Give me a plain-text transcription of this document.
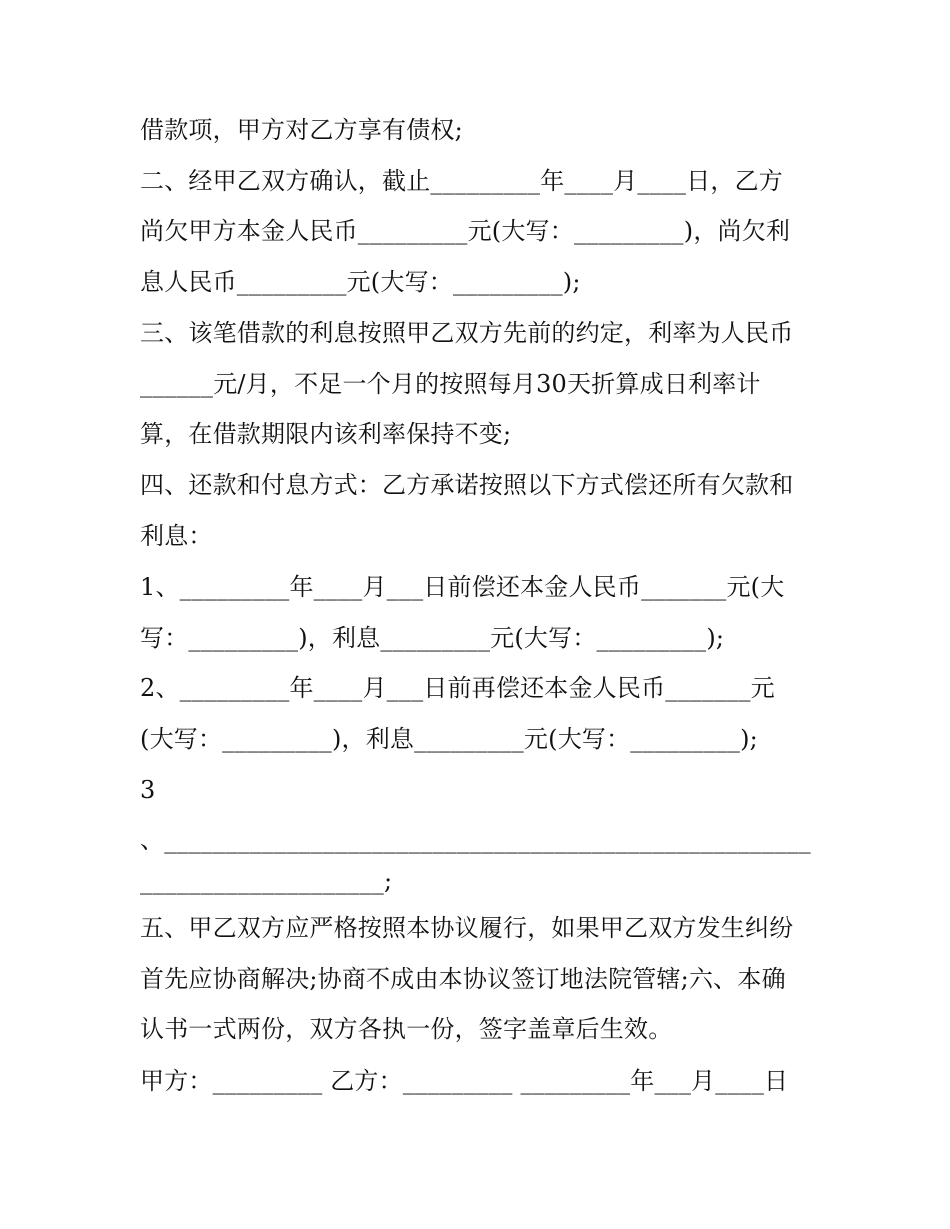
借款项，甲方对乙方享有债权;
二、经甲乙双方确认，截止_________年____月____日，乙方
尚欠甲方本金人民币_________元(大写：_________)，尚欠利
息人民币_________元(大写：_________);
三、该笔借款的利息按照甲乙双方先前的约定，利率为人民币
______元/月，不足一个月的按照每月30天折算成日利率计
算，在借款期限内该利率保持不变;
四、还款和付息方式：乙方承诺按照以下方式偿还所有欠款和
利息：
1、_________年____月___日前偿还本金人民币_______元(大
写：_________)，利息_________元(大写：_________);
2、_________年____月___日前再偿还本金人民币_______元
(大写：_________)，利息_________元(大写：_________);
3
、_____________________________________________________
____________________;
五、甲乙双方应严格按照本协议履行，如果甲乙双方发生纠纷
首先应协商解决;协商不成由本协议签订地法院管辖;六、本确
认书一式两份，双方各执一份，签字盖章后生效。
甲方：_________ 乙方：_________ _________年___月____日
